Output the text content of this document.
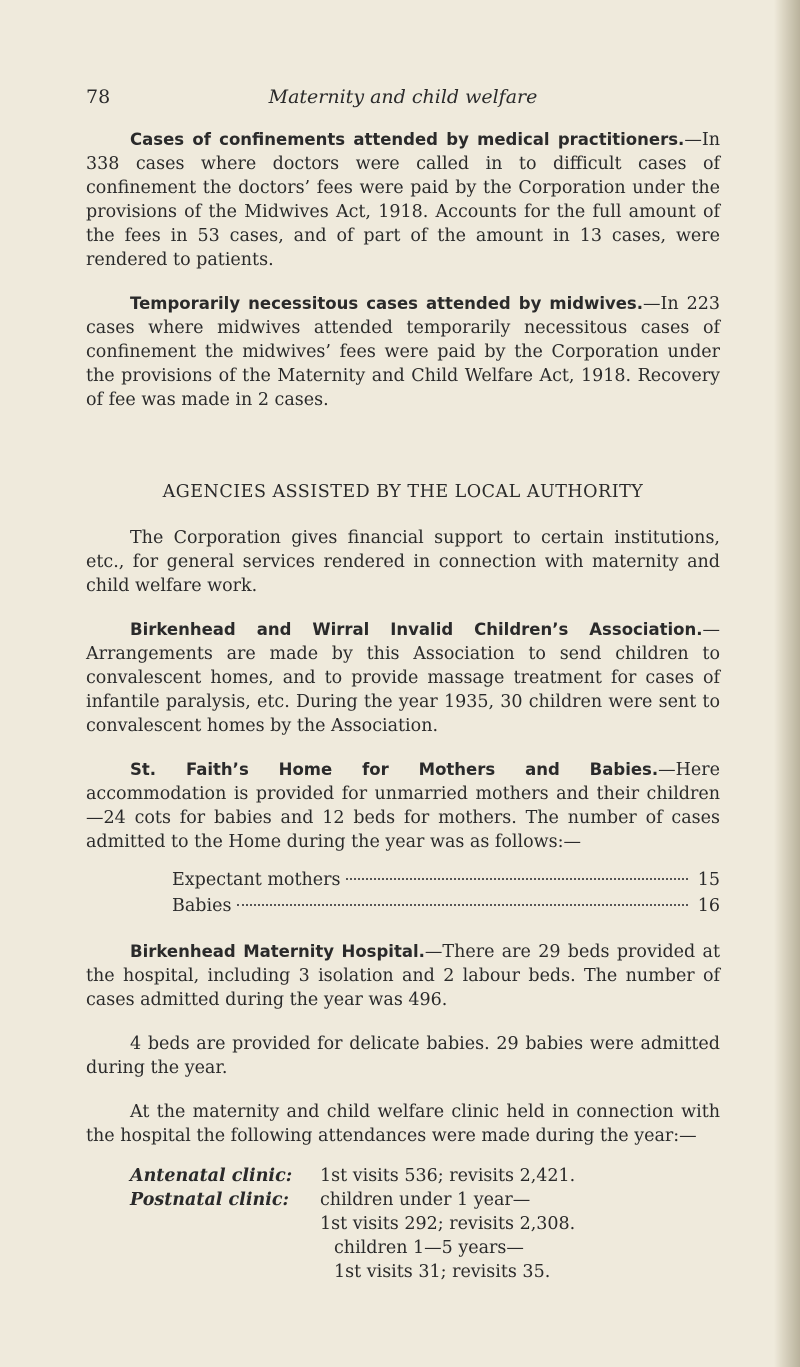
78	Maternity and child welfare

Cases of confinements attended by medical practitioners.—In 338 cases where doctors were called in to difficult cases of confinement the doctors’ fees were paid by the Corporation under the provisions of the Midwives Act, 1918. Accounts for the full amount of the fees in 53 cases, and of part of the amount in 13 cases, were rendered to patients.

Temporarily necessitous cases attended by midwives.—In 223 cases where midwives attended temporarily necessitous cases of confinement the midwives’ fees were paid by the Corporation under the provisions of the Maternity and Child Welfare Act, 1918. Recovery of fee was made in 2 cases.

AGENCIES ASSISTED BY THE LOCAL AUTHORITY

The Corporation gives financial support to certain institutions, etc., for general services rendered in connection with maternity and child welfare work.

Birkenhead and Wirral Invalid Children’s Association.—Arrangements are made by this Association to send children to convalescent homes, and to provide massage treatment for cases of infantile paralysis, etc. During the year 1935, 30 children were sent to convalescent homes by the Association.

St. Faith’s Home for Mothers and Babies.—Here accommodation is provided for unmarried mothers and their children—24 cots for babies and 12 beds for mothers. The number of cases admitted to the Home during the year was as follows:—

Expectant mothers	15
Babies	16

Birkenhead Maternity Hospital.—There are 29 beds provided at the hospital, including 3 isolation and 2 labour beds. The number of cases admitted during the year was 496.

4 beds are provided for delicate babies. 29 babies were admitted during the year.

At the maternity and child welfare clinic held in connection with the hospital the following attendances were made during the year:—

Antenatal clinic:	1st visits 536; revisits 2,421.
Postnatal clinic:	children under 1 year—
1st visits 292; revisits 2,308.
children 1—5 years—
1st visits 31; revisits 35.
